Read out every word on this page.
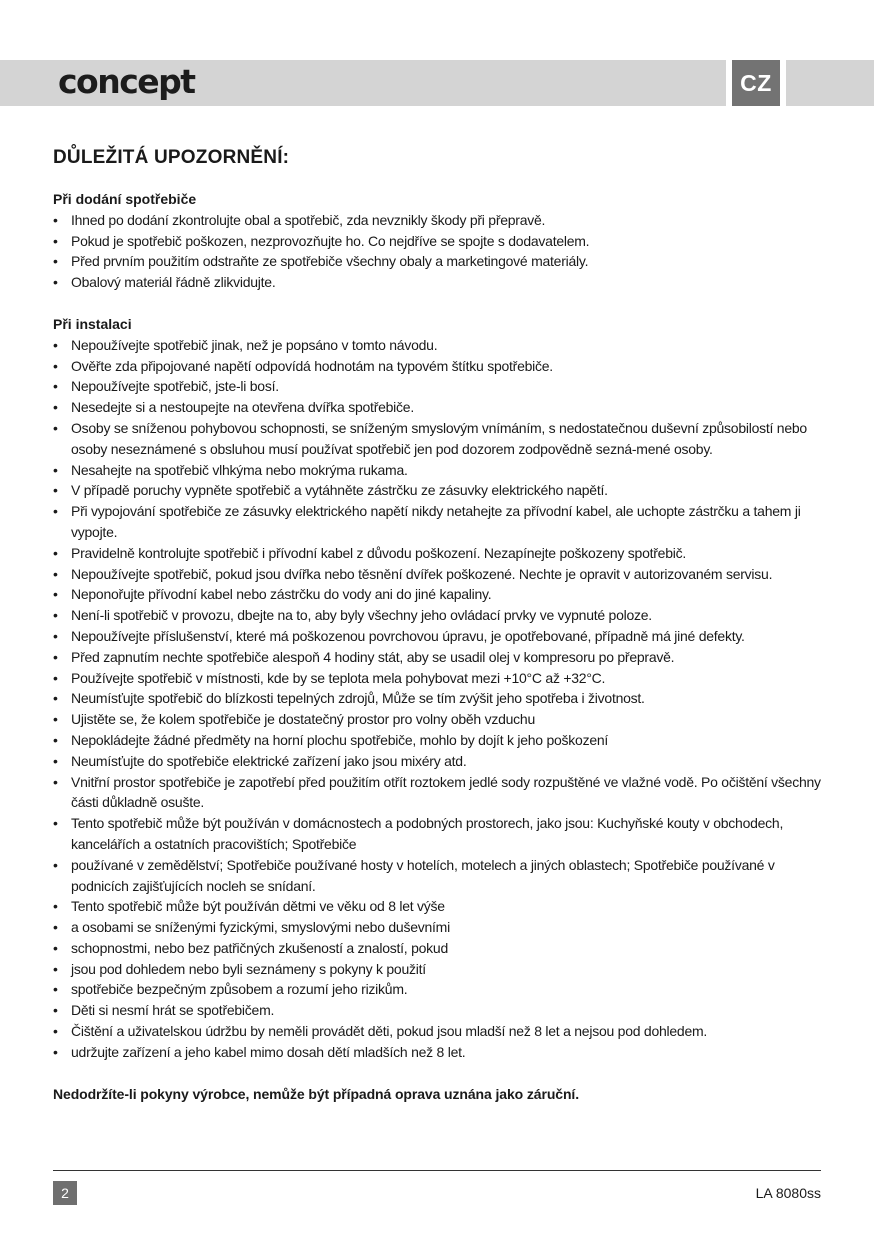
concept	CZ
DŮLEŽITÁ UPOZORNĚNÍ:
Při dodání spotřebiče
• Ihned po dodání zkontrolujte obal a spotřebič, zda nevznikly škody při přepravě.
• Pokud je spotřebič poškozen, nezprovozňujte ho. Co nejdříve se spojte s dodavatelem.
• Před prvním použitím odstraňte ze spotřebiče všechny obaly a marketingové materiály.
• Obalový materiál řádně zlikvidujte.
Při instalaci
• Nepoužívejte spotřebič jinak, než je popsáno v tomto návodu.
• Ověřte zda připojované napětí odpovídá hodnotám na typovém štítku spotřebiče.
• Nepoužívejte spotřebič, jste-li bosí.
• Nesedejte si a nestoupejte na otevřena dvířka spotřebiče.
• Osoby se sníženou pohybovou schopnosti, se sníženým smyslovým vnímáním, s nedostatečnou duševní způsobilostí nebo osoby neseznámené s obsluhou musí používat spotřebič jen pod dozorem zodpovědně sezná-mené osoby.
• Nesahejte na spotřebič vlhkýma nebo mokrýma rukama.
• V případě poruchy vypněte spotřebič a vytáhněte zástrčku ze zásuvky elektrického napětí.
• Při vypojování spotřebiče ze zásuvky elektrického napětí nikdy netahejte za přívodní kabel, ale uchopte zástrčku a tahem ji vypojte.
• Pravidelně kontrolujte spotřebič i přívodní kabel z důvodu poškození. Nezapínejte poškozeny spotřebič.
• Nepoužívejte spotřebič, pokud jsou dvířka nebo těsnění dvířek poškozené. Nechte je opravit v autorizovaném servisu.
• Neponořujte přívodní kabel nebo zástrčku do vody ani do jiné kapaliny.
• Není-li spotřebič v provozu, dbejte na to, aby byly všechny jeho ovládací prvky ve vypnuté poloze.
• Nepoužívejte příslušenství, které má poškozenou povrchovou úpravu, je opotřebované, případně má jiné defekty.
• Před zapnutím nechte spotřebiče alespoň 4 hodiny stát, aby se usadil olej v kompresoru po přepravě.
• Používejte spotřebič v místnosti, kde by se teplota mela pohybovat mezi +10°C až +32°C.
• Neumísťujte spotřebič do blízkosti tepelných zdrojů, Může se tím zvýšit jeho spotřeba i životnost.
• Ujistěte se, že kolem spotřebiče je dostatečný prostor pro volny oběh vzduchu
• Nepokládejte žádné předměty na horní plochu spotřebiče, mohlo by dojít k jeho poškození
• Neumísťujte do spotřebiče elektrické zařízení jako jsou mixéry atd.
• Vnitřní prostor spotřebiče je zapotřebí před použitím otřít roztokem jedlé sody rozpuštěné ve vlažné vodě. Po očištění všechny části důkladně osušte.
• Tento spotřebič může být používán v domácnostech a podobných prostorech, jako jsou: Kuchyňské kouty v obchodech, kancelářích a ostatních pracovištích; Spotřebiče
• používané v zemědělství; Spotřebiče používané hosty v hotelích, motelech a jiných oblastech; Spotřebiče používané v podnicích zajišťujících nocleh se snídaní.
• Tento spotřebič může být používán dětmi ve věku od 8 let výše
• a osobami se sníženými fyzickými, smyslovými nebo duševními
• schopnostmi, nebo bez patřičných zkušeností a znalostí, pokud
• jsou pod dohledem nebo byli seznámeny s pokyny k použití
• spotřebiče bezpečným způsobem a rozumí jeho rizikům.
• Děti si nesmí hrát se spotřebičem.
• Čištění a uživatelskou údržbu by neměli provádět děti, pokud jsou mladší než 8 let a nejsou pod dohledem.
• udržujte zařízení a jeho kabel mimo dosah dětí mladších než 8 let.

Nedodržíte-li pokyny výrobce, nemůže být případná oprava uznána jako záruční.

2	LA 8080ss
